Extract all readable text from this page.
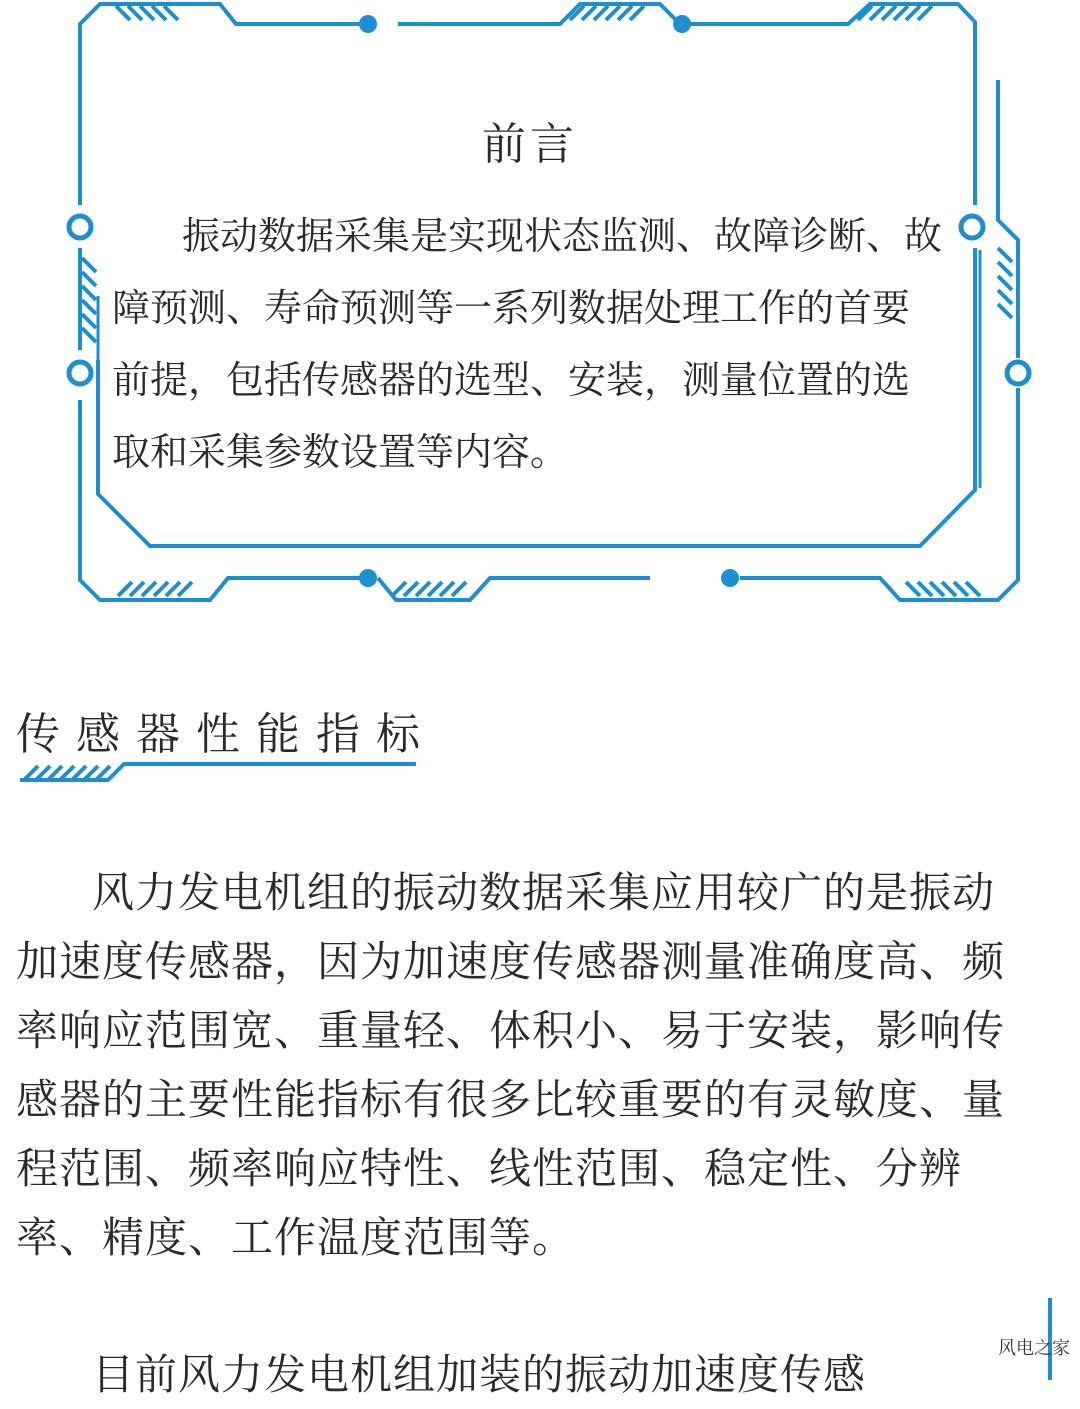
前言

振动数据采集是实现状态监测、故障诊断、故障预测、寿命预测等一系列数据处理工作的首要前提，包括传感器的选型、安装，测量位置的选取和采集参数设置等内容。

传感器性能指标

风力发电机组的振动数据采集应用较广的是振动加速度传感器，因为加速度传感器测量准确度高、频率响应范围宽、重量轻、体积小、易于安装，影响传感器的主要性能指标有很多比较重要的有灵敏度、量程范围、频率响应特性、线性范围、稳定性、分辨率、精度、工作温度范围等。

目前风力发电机组加装的振动加速度传感

风电之家
